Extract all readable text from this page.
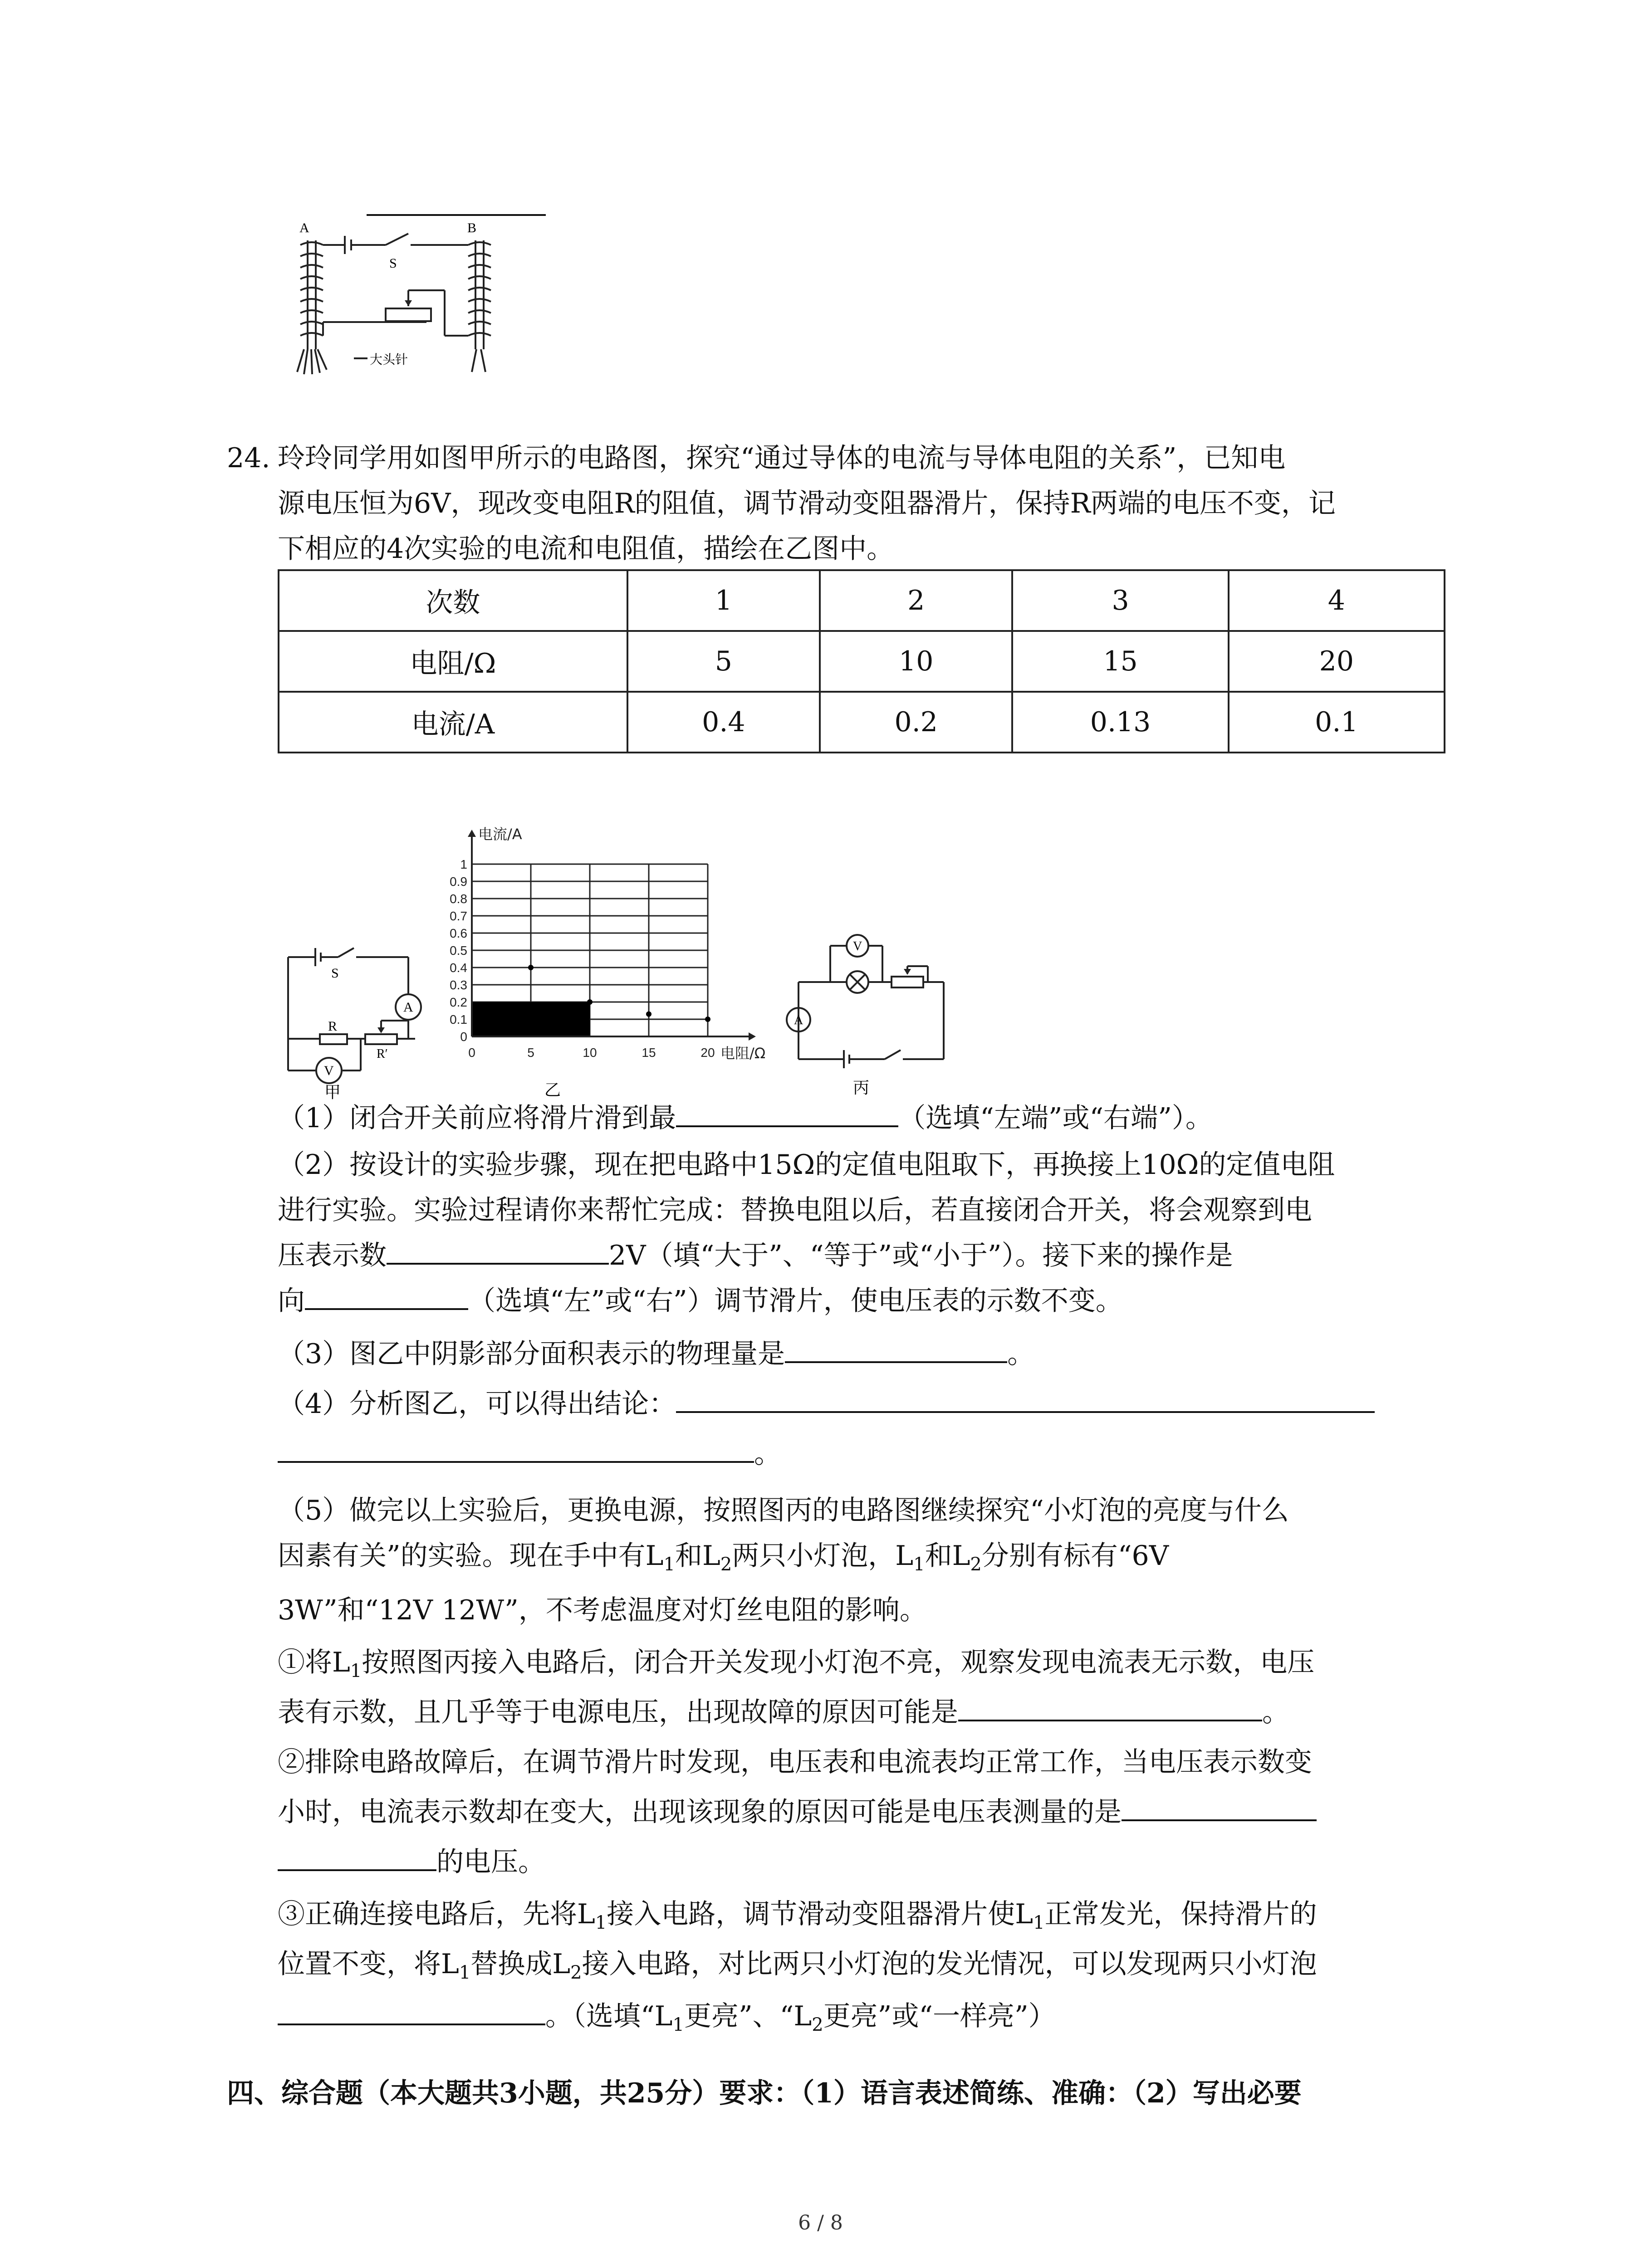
A	B
S
大头针
24. 玲玲同学用如图甲所示的电路图，探究“通过导体的电流与导体电阻的关系”，已知电
源电压恒为6V，现改变电阻R的阻值，调节滑动变阻器滑片，保持R两端的电压不变，记
下相应的4次实验的电流和电阻值，描绘在乙图中。
次数	1	2	3	4
电阻/Ω	5	10	15	20
电流/A	0.4	0.2	0.13	0.1
S
A
R
R′
V
甲
0	5	10	15	20
0.1
0.2
0.3
0.4
0.5
0.6
0.7
0.8
0.9
1
0
电流/A
电阻/Ω
乙
V
A
丙
（1）闭合开关前应将滑片滑到最	（选填“左端”或“右端”）。
（2）按设计的实验步骤，现在把电路中15Ω的定值电阻取下，再换接上10Ω的定值电阻
进行实验。实验过程请你来帮忙完成：替换电阻以后，若直接闭合开关，将会观察到电
压表示数	2V（填“大于”、“等于”或“小于”）。接下来的操作是
向	（选填“左”或“右”）调节滑片，使电压表的示数不变。
（3）图乙中阴影部分面积表示的物理量是	。
（4）分析图乙，可以得出结论：
。
（5）做完以上实验后，更换电源，按照图丙的电路图继续探究“小灯泡的亮度与什么
因素有关”的实验。现在手中有$L_1$和$L_2$两只小灯泡，$L_1$和$L_2$分别有标有“6V
3W”和“12V 12W”，不考虑温度对灯丝电阻的影响。
①将$L_1$按照图丙接入电路后，闭合开关发现小灯泡不亮，观察发现电流表无示数，电压
表有示数，且几乎等于电源电压，出现故障的原因可能是	。
②排除电路故障后，在调节滑片时发现，电压表和电流表均正常工作，当电压表示数变
小时，电流表示数却在变大，出现该现象的原因可能是电压表测量的是
的电压。
③正确连接电路后，先将$L_1$接入电路，调节滑动变阻器滑片使$L_1$正常发光，保持滑片的
位置不变，将$L_1$替换成$L_2$接入电路，对比两只小灯泡的发光情况，可以发现两只小灯泡
。（选填“$L_1$更亮”、“$L_2$更亮”或“一样亮”）
四、综合题（本大题共3小题，共25分）要求：（1）语言表述简练、准确：（2）写出必要
6 / 8
